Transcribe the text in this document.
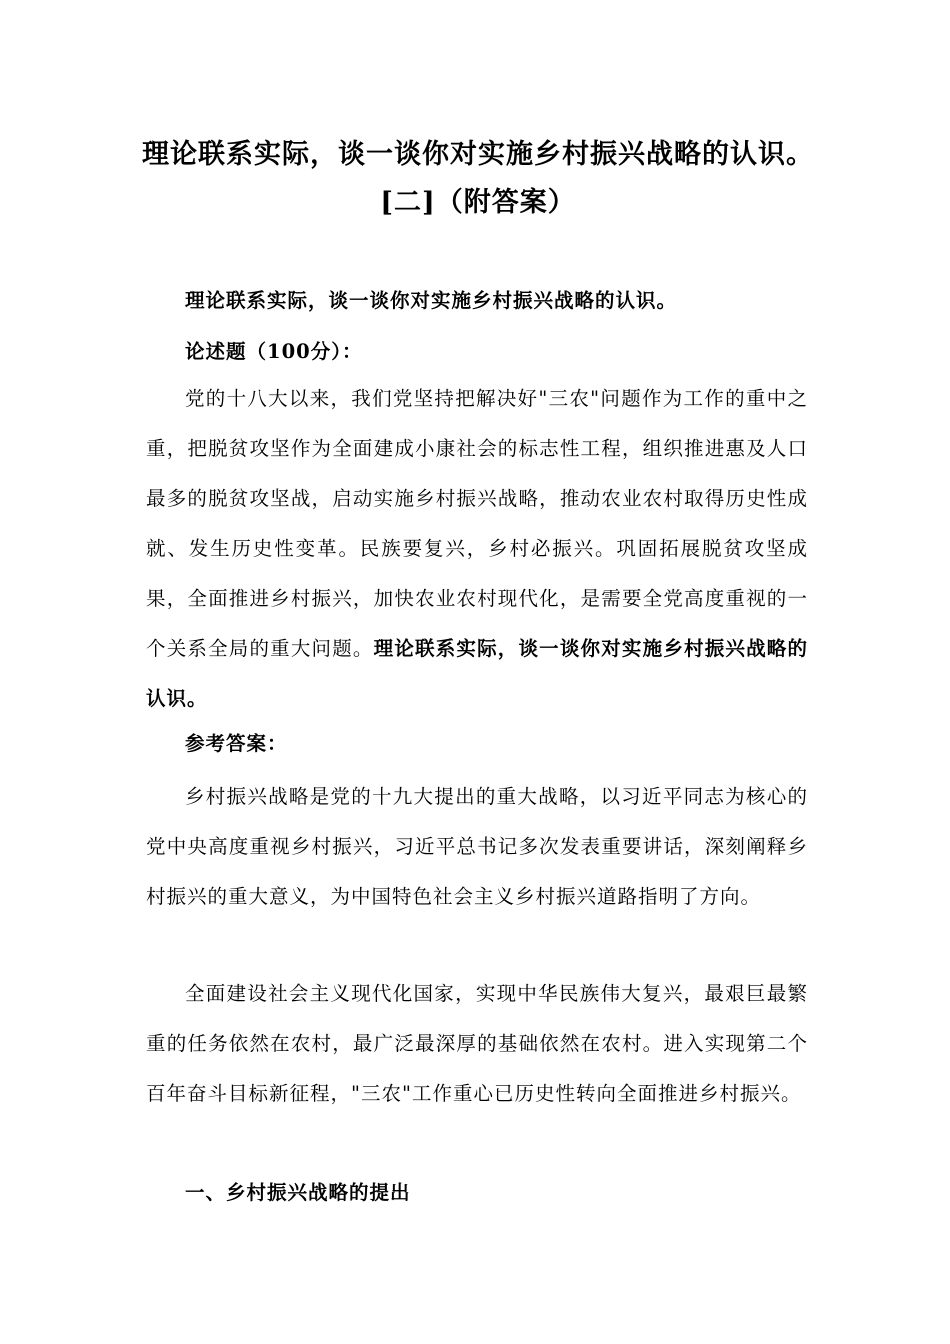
理论联系实际，谈一谈你对实施乡村振兴战略的认识。
[二]（附答案）

理论联系实际，谈一谈你对实施乡村振兴战略的认识。

论述题（100分）：

党的十八大以来，我们党坚持把解决好"三农"问题作为工作的重中之重，把脱贫攻坚作为全面建成小康社会的标志性工程，组织推进惠及人口最多的脱贫攻坚战，启动实施乡村振兴战略，推动农业农村取得历史性成就、发生历史性变革。民族要复兴，乡村必振兴。巩固拓展脱贫攻坚成果，全面推进乡村振兴，加快农业农村现代化，是需要全党高度重视的一个关系全局的重大问题。理论联系实际，谈一谈你对实施乡村振兴战略的认识。

参考答案：

乡村振兴战略是党的十九大提出的重大战略，以习近平同志为核心的党中央高度重视乡村振兴，习近平总书记多次发表重要讲话，深刻阐释乡村振兴的重大意义，为中国特色社会主义乡村振兴道路指明了方向。

全面建设社会主义现代化国家，实现中华民族伟大复兴，最艰巨最繁重的任务依然在农村，最广泛最深厚的基础依然在农村。进入实现第二个百年奋斗目标新征程，"三农"工作重心已历史性转向全面推进乡村振兴。

一、乡村振兴战略的提出
